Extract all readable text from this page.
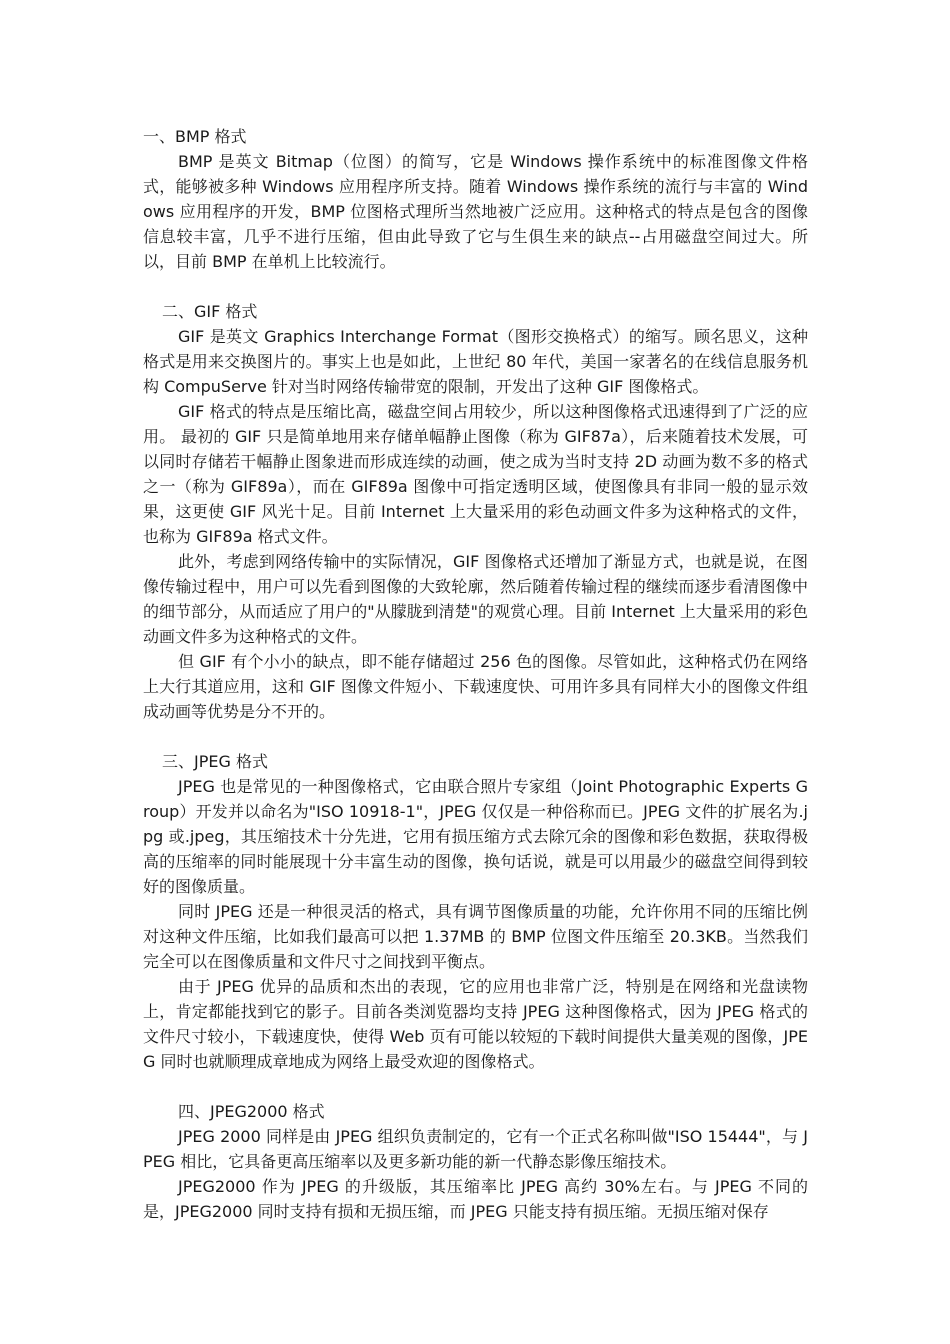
一、BMP 格式

BMP 是英文 Bitmap（位图）的简写，它是 Windows 操作系统中的标准图像文件格式，能够被多种 Windows 应用程序所支持。随着 Windows 操作系统的流行与丰富的 Windows 应用程序的开发，BMP 位图格式理所当然地被广泛应用。这种格式的特点是包含的图像信息较丰富，几乎不进行压缩，但由此导致了它与生俱生来的缺点--占用磁盘空间过大。所以，目前 BMP 在单机上比较流行。

二、GIF 格式

GIF 是英文 Graphics Interchange Format（图形交换格式）的缩写。顾名思义，这种格式是用来交换图片的。事实上也是如此，上世纪 80 年代，美国一家著名的在线信息服务机构 CompuServe 针对当时网络传输带宽的限制，开发出了这种 GIF 图像格式。

GIF 格式的特点是压缩比高，磁盘空间占用较少，所以这种图像格式迅速得到了广泛的应用。 最初的 GIF 只是简单地用来存储单幅静止图像（称为 GIF87a），后来随着技术发展，可以同时存储若干幅静止图象进而形成连续的动画，使之成为当时支持 2D 动画为数不多的格式之一（称为 GIF89a），而在 GIF89a 图像中可指定透明区域，使图像具有非同一般的显示效果，这更使 GIF 风光十足。目前 Internet 上大量采用的彩色动画文件多为这种格式的文件，也称为 GIF89a 格式文件。

此外，考虑到网络传输中的实际情况，GIF 图像格式还增加了渐显方式，也就是说，在图像传输过程中，用户可以先看到图像的大致轮廓，然后随着传输过程的继续而逐步看清图像中的细节部分，从而适应了用户的"从朦胧到清楚"的观赏心理。目前 Internet 上大量采用的彩色动画文件多为这种格式的文件。

但 GIF 有个小小的缺点，即不能存储超过 256 色的图像。尽管如此，这种格式仍在网络上大行其道应用，这和 GIF 图像文件短小、下载速度快、可用许多具有同样大小的图像文件组成动画等优势是分不开的。

三、JPEG 格式

JPEG 也是常见的一种图像格式，它由联合照片专家组（Joint Photographic Experts Group）开发并以命名为"ISO 10918-1"，JPEG 仅仅是一种俗称而已。JPEG 文件的扩展名为.jpg 或.jpeg，其压缩技术十分先进，它用有损压缩方式去除冗余的图像和彩色数据，获取得极高的压缩率的同时能展现十分丰富生动的图像，换句话说，就是可以用最少的磁盘空间得到较好的图像质量。

同时 JPEG 还是一种很灵活的格式，具有调节图像质量的功能，允许你用不同的压缩比例对这种文件压缩，比如我们最高可以把 1.37MB 的 BMP 位图文件压缩至 20.3KB。当然我们完全可以在图像质量和文件尺寸之间找到平衡点。

由于 JPEG 优异的品质和杰出的表现，它的应用也非常广泛，特别是在网络和光盘读物上，肯定都能找到它的影子。目前各类浏览器均支持 JPEG 这种图像格式，因为 JPEG 格式的文件尺寸较小，下载速度快，使得 Web 页有可能以较短的下载时间提供大量美观的图像，JPEG 同时也就顺理成章地成为网络上最受欢迎的图像格式。

四、JPEG2000 格式

JPEG 2000 同样是由 JPEG 组织负责制定的，它有一个正式名称叫做"ISO 15444"，与 JPEG 相比，它具备更高压缩率以及更多新功能的新一代静态影像压缩技术。

JPEG2000 作为 JPEG 的升级版，其压缩率比 JPEG 高约 30%左右。与 JPEG 不同的是，JPEG2000 同时支持有损和无损压缩，而 JPEG 只能支持有损压缩。无损压缩对保存
